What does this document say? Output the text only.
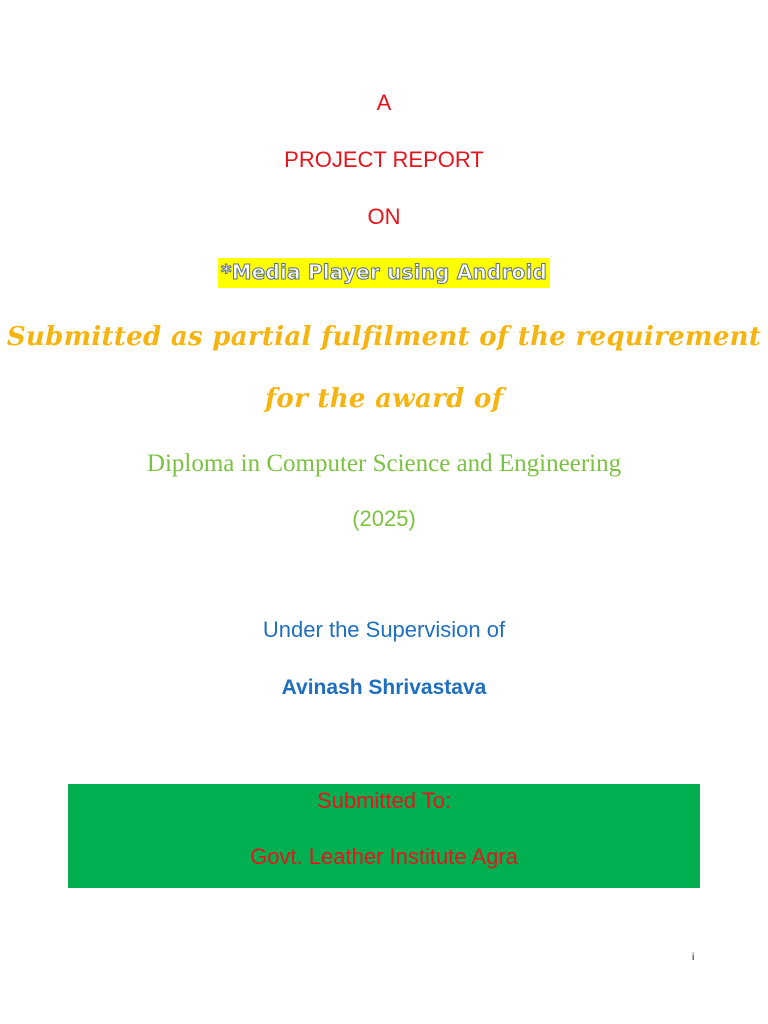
A
PROJECT REPORT
ON
*Media Player using Android
Submitted as partial fulfilment of the requirement
for the award of
Diploma in Computer Science and Engineering
(2025)
Under the Supervision of
Avinash Shrivastava
Submitted To:
Govt. Leather Institute Agra
i
